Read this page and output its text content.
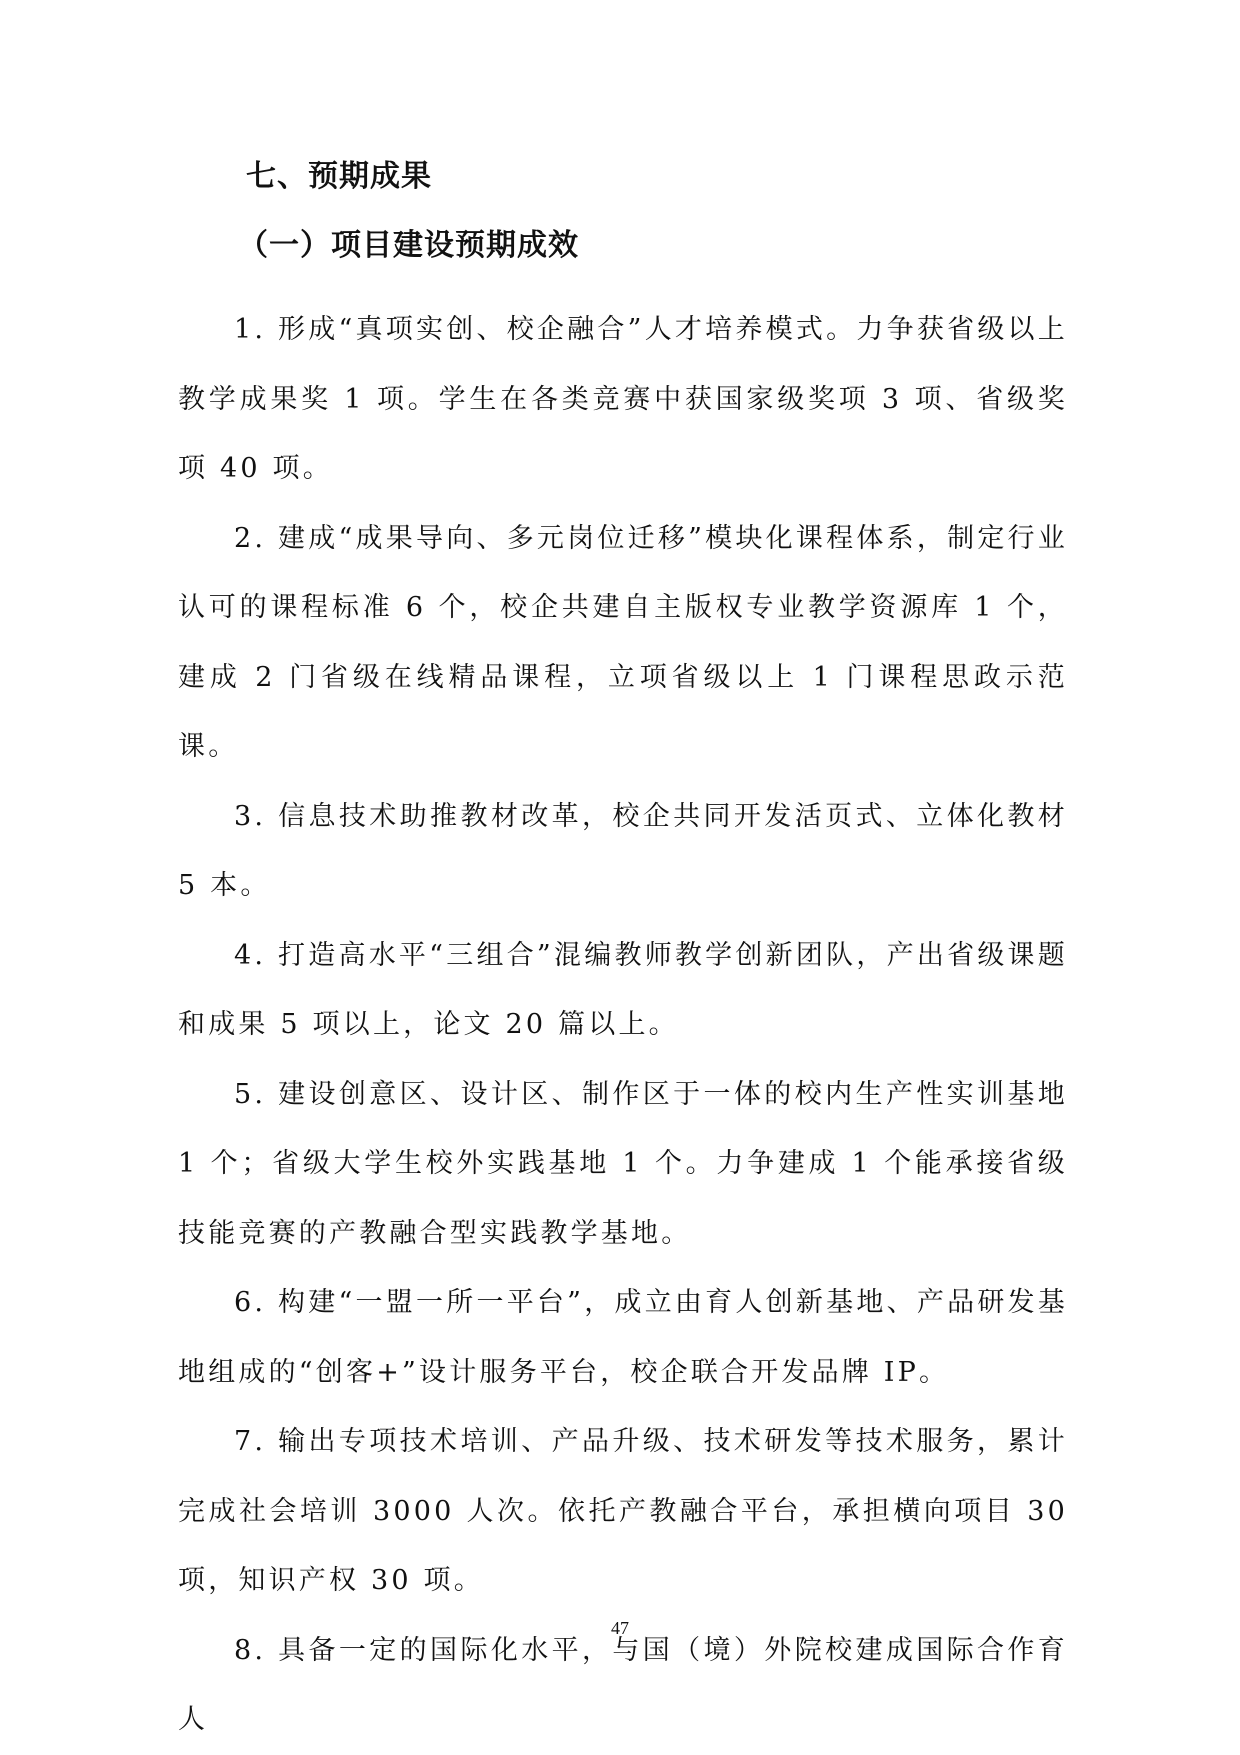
七、预期成果
（一）项目建设预期成效

1. 形成“真项实创、校企融合”人才培养模式。力争获省级以上教学成果奖 1 项。学生在各类竞赛中获国家级奖项 3 项、省级奖项 40 项。

2. 建成“成果导向、多元岗位迁移”模块化课程体系，制定行业认可的课程标准 6 个，校企共建自主版权专业教学资源库 1 个，建成 2 门省级在线精品课程，立项省级以上 1 门课程思政示范课。

3. 信息技术助推教材改革，校企共同开发活页式、立体化教材 5 本。

4. 打造高水平“三组合”混编教师教学创新团队，产出省级课题和成果 5 项以上，论文 20 篇以上。

5. 建设创意区、设计区、制作区于一体的校内生产性实训基地 1 个；省级大学生校外实践基地 1 个。力争建成 1 个能承接省级技能竞赛的产教融合型实践教学基地。

6. 构建“一盟一所一平台”，成立由育人创新基地、产品研发基地组成的“创客+”设计服务平台，校企联合开发品牌 IP。

7. 输出专项技术培训、产品升级、技术研发等技术服务，累计完成社会培训 3000 人次。依托产教融合平台，承担横向项目 30 项，知识产权 30 项。

8. 具备一定的国际化水平，与国（境）外院校建成国际合作育人

47
